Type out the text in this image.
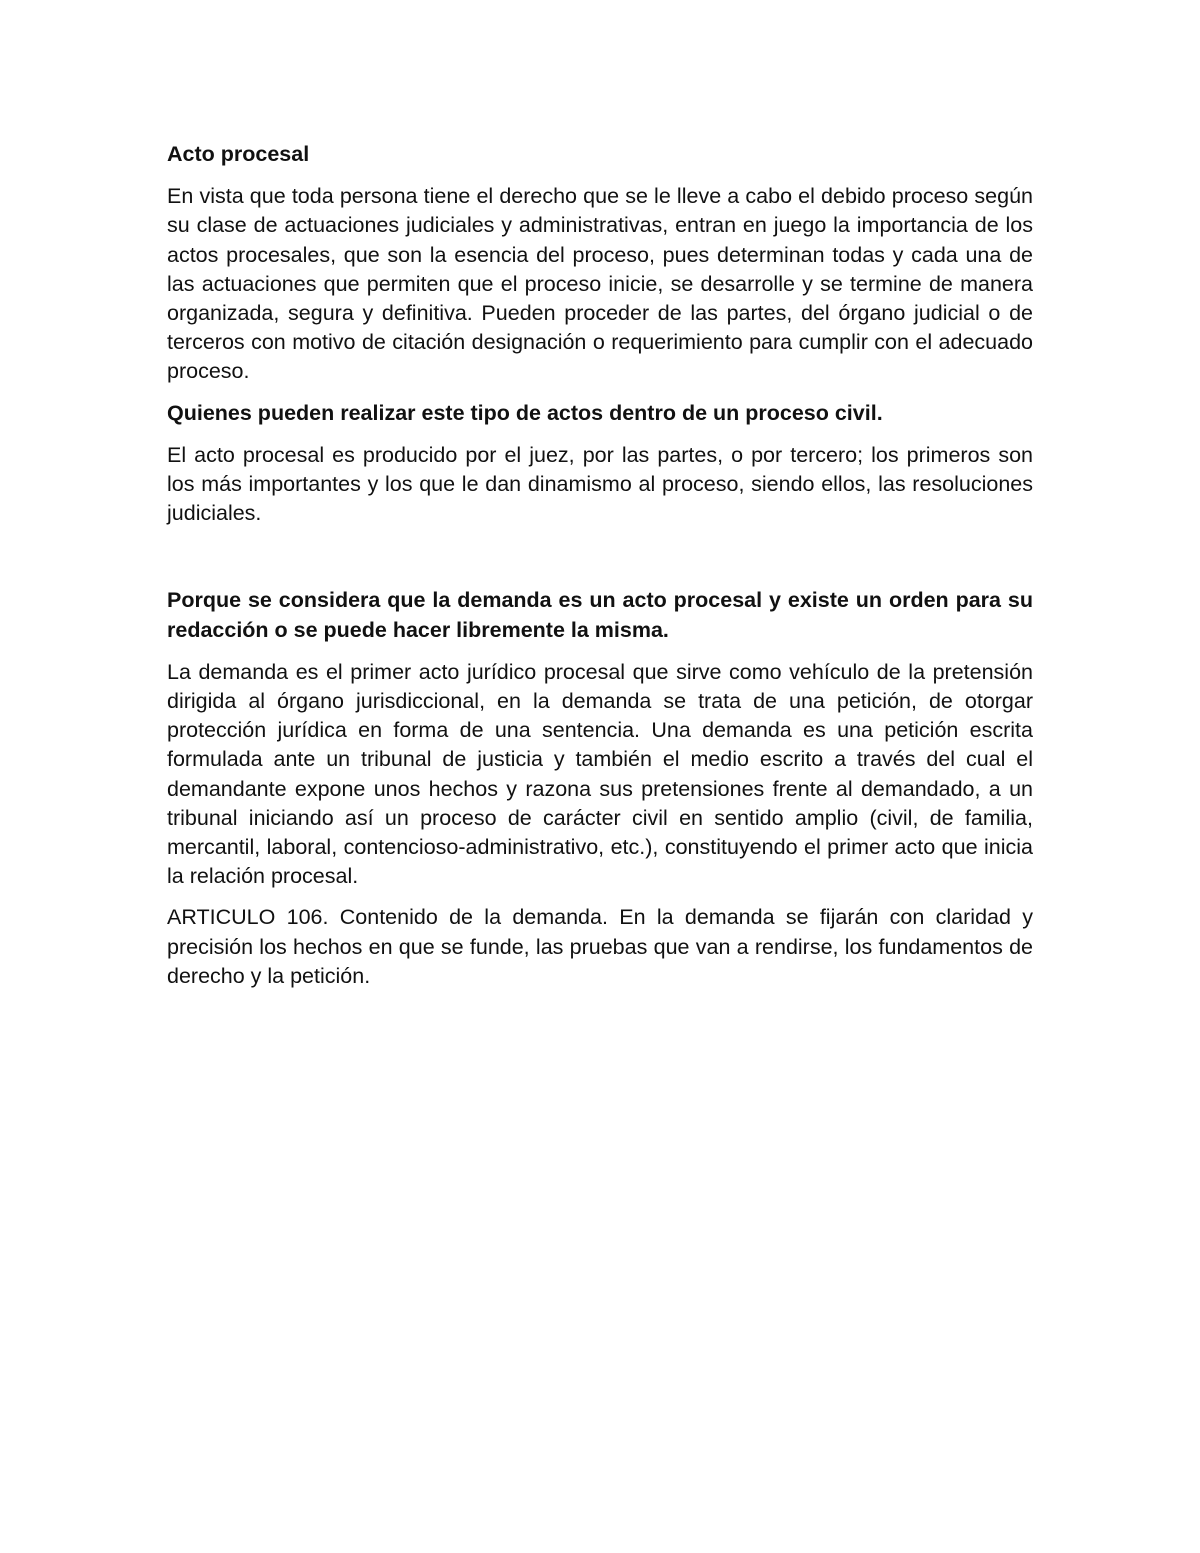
Acto procesal
En vista que toda persona tiene el derecho que se le lleve a cabo el debido proceso según su clase de actuaciones judiciales y administrativas, entran en juego la importancia de los actos procesales, que son la esencia del proceso, pues determinan todas y cada una de las actuaciones que permiten que el proceso inicie, se desarrolle y se termine de manera organizada, segura y definitiva. Pueden proceder de las partes, del órgano judicial o de terceros con motivo de citación designación o requerimiento para cumplir con el adecuado proceso.
Quienes pueden realizar este tipo de actos dentro de un proceso civil.
El acto procesal es producido por el juez, por las partes, o por tercero; los primeros son los más importantes y los que le dan dinamismo al proceso, siendo ellos, las resoluciones judiciales.
Porque se considera que la demanda es un acto procesal y existe un orden para su redacción o se puede hacer libremente la misma.
La demanda es el primer acto jurídico procesal que sirve como vehículo de la pretensión dirigida al órgano jurisdiccional, en la demanda se trata de una petición, de otorgar protección jurídica en forma de una sentencia. Una demanda es una petición escrita formulada ante un tribunal de justicia y también el medio escrito a través del cual el demandante expone unos hechos y razona sus pretensiones frente al demandado, a un tribunal iniciando así un proceso de carácter civil en sentido amplio (civil, de familia, mercantil, laboral, contencioso-administrativo, etc.), constituyendo el primer acto que inicia la relación procesal.
ARTICULO 106. Contenido de la demanda. En la demanda se fijarán con claridad y precisión los hechos en que se funde, las pruebas que van a rendirse, los fundamentos de derecho y la petición.
